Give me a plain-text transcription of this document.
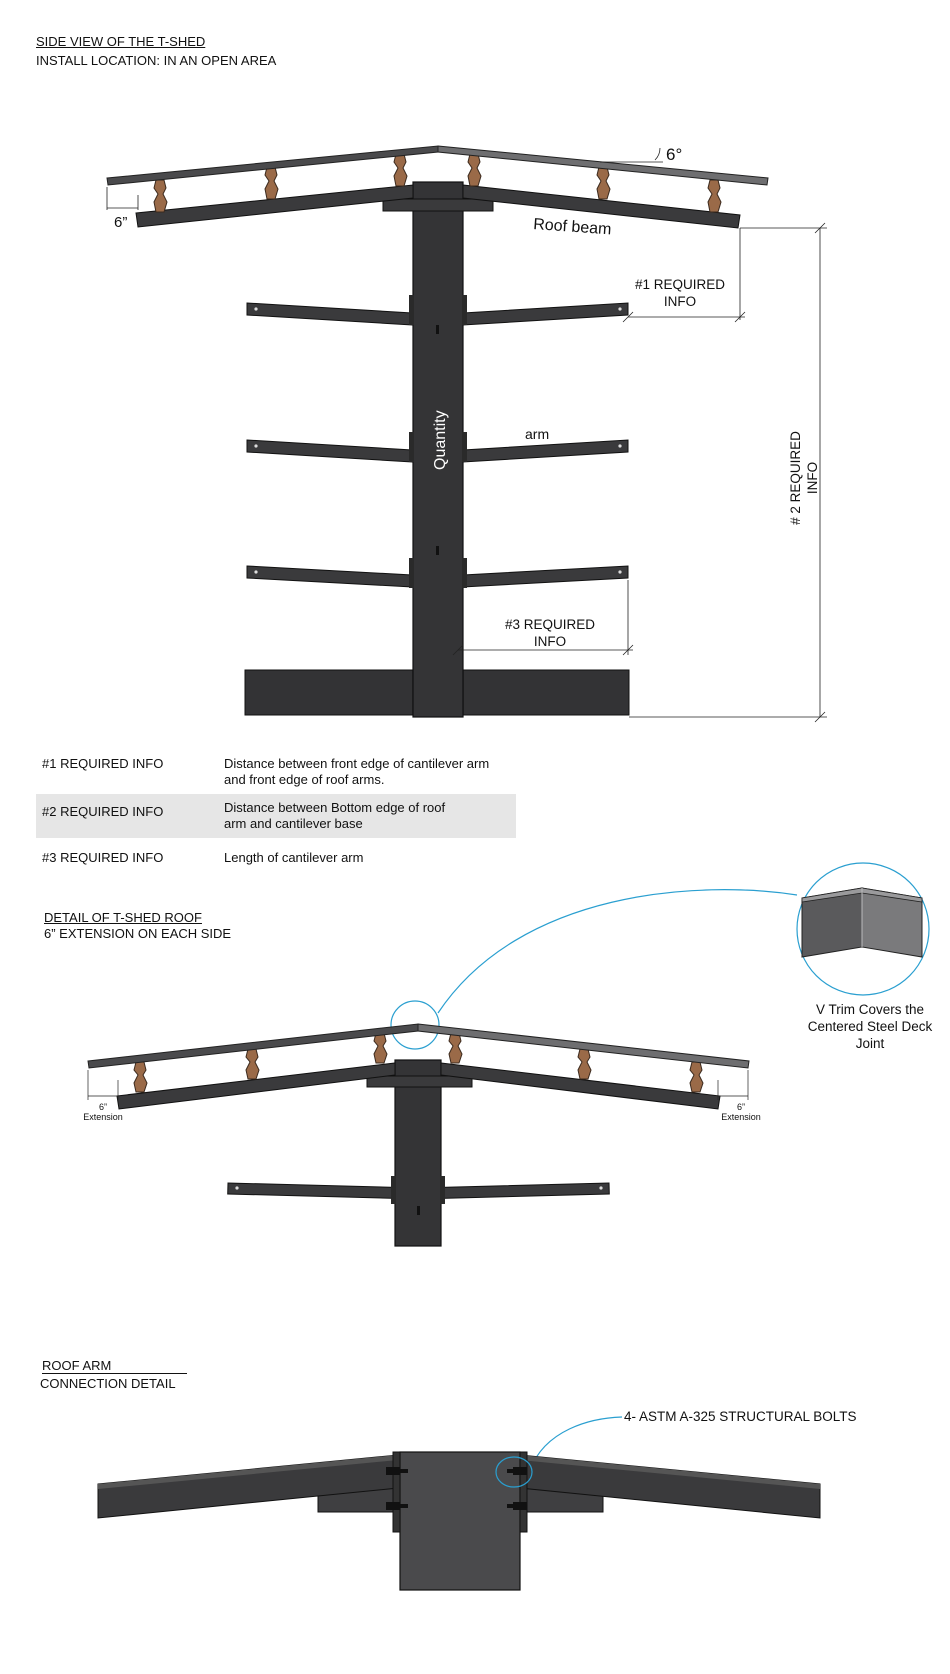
SIDE VIEW OF THE T-SHED
INSTALL LOCATION: IN AN OPEN AREA
Quantity
6°
6”	Roof beam
#1 REQUIRED INFO
arm	# 2 REQUIRED INFO
#3 REQUIRED INFO
#1 REQUIRED INFO	Distance between front edge of cantilever arm
and front edge of roof arms.
#2 REQUIRED INFO	Distance between Bottom edge of roof
arm and cantilever base
#3 REQUIRED INFO	Length of cantilever arm
DETAIL OF T-SHED ROOF
6” EXTENSION ON EACH SIDE
6”
Extension
6”
Extension
V Trim Covers the
Centered Steel Deck
Joint
ROOF ARM
CONNECTION DETAIL
4- ASTM A-325 STRUCTURAL BOLTS
